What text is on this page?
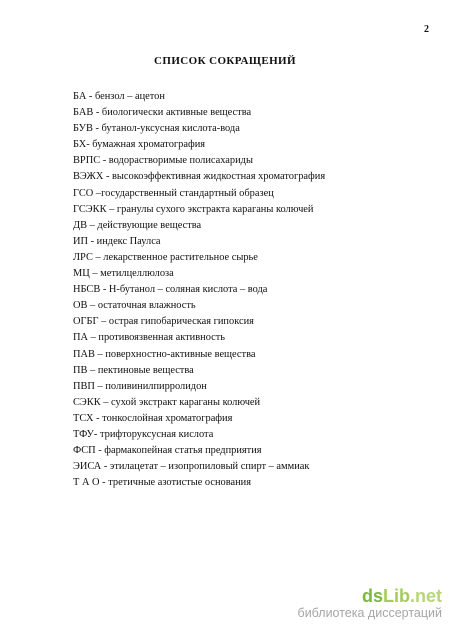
2
СПИСОК СОКРАЩЕНИЙ
БА - бензол – ацетон
БАВ - биологически активные вещества
БУВ - бутанол-уксусная кислота-вода
БХ- бумажная хроматография
ВРПС - водорастворимые полисахариды
ВЭЖХ - высокоэффективная жидкостная хроматография
ГСО –государственный стандартный образец
ГСЭКК – гранулы сухого экстракта караганы колючей
ДВ – действующие вещества
ИП - индекс Паулса
ЛРС – лекарственное растительное сырье
МЦ – метилцеллюлоза
НБСВ - Н-бутанол – соляная кислота – вода
ОВ – остаточная влажность
ОГБГ – острая гипобарическая гипоксия
ПА – противоязвенная активность
ПАВ – поверхностно-активные вещества
ПВ – пектиновые вещества
ПВП – поливинилпирролидон
СЭКК – сухой экстракт караганы колючей
ТСХ - тонкослойная хроматография
ТФУ- трифторуксусная кислота
ФСП - фармакопейная статья предприятия
ЭИСА - этилацетат – изопропиловый спирт – аммиак
Т А О - третичные азотистые основания
dsLib.net
библиотека диссертаций
